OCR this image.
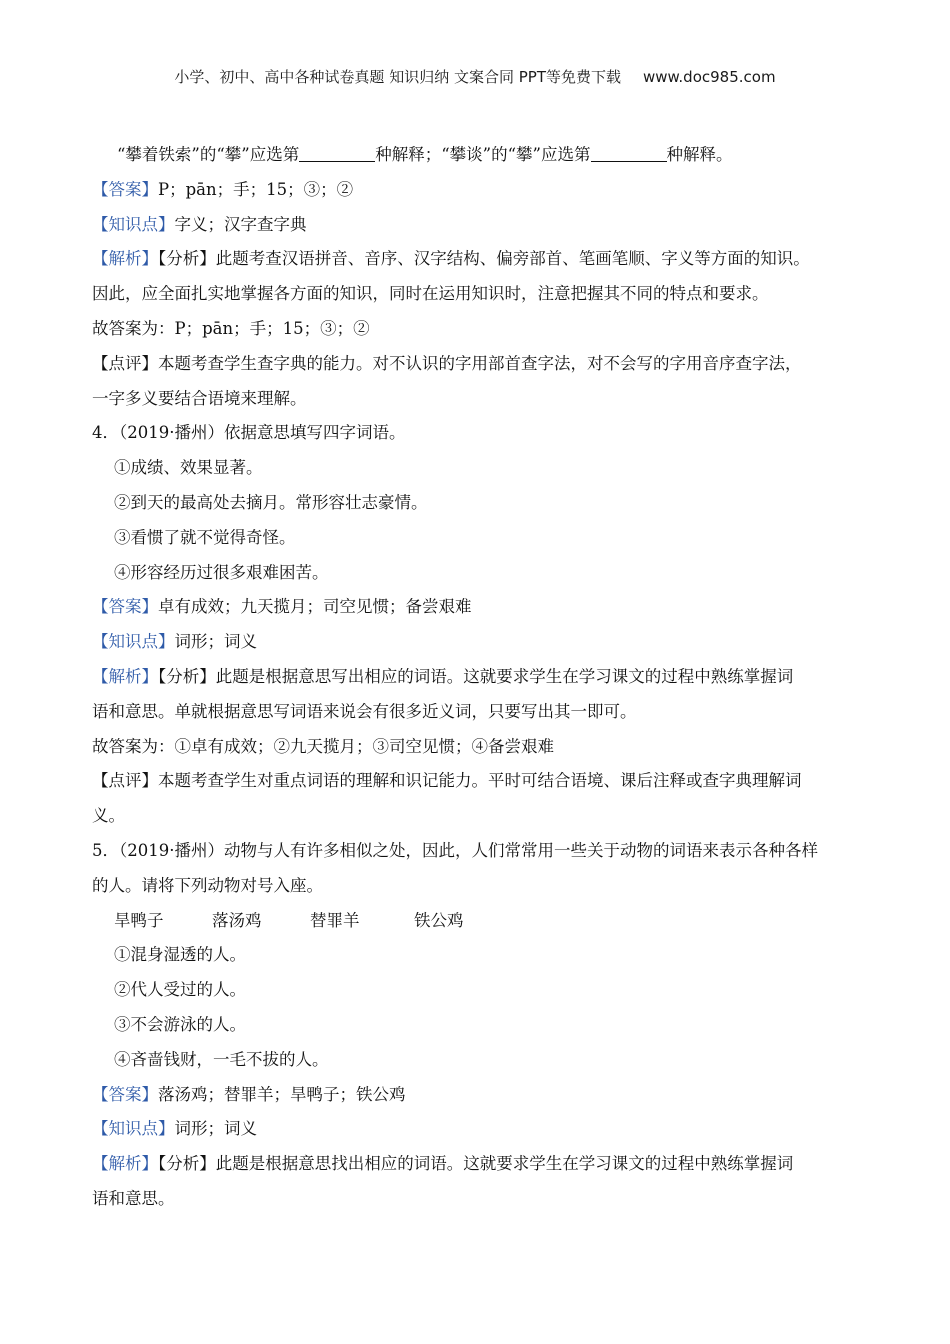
小学、初中、高中各种试卷真题 知识归纳 文案合同 PPT等免费下载 www.doc985.com
“攀着铁索”的“攀”应选第	种解释；“攀谈”的“攀”应选第	种解释。
【答案】P；pān；手；15；③；②
【知识点】字义；汉字查字典
【解析】【分析】此题考查汉语拼音、音序、汉字结构、偏旁部首、笔画笔顺、字义等方面的知识。
因此，应全面扎实地掌握各方面的知识，同时在运用知识时，注意把握其不同的特点和要求。
故答案为：P；pān；手；15；③；②
【点评】本题考查学生查字典的能力。对不认识的字用部首查字法，对不会写的字用音序查字法，
一字多义要结合语境来理解。
4．（2019·播州）依据意思填写四字词语。
①成绩、效果显著。
②到天的最高处去摘月。常形容壮志豪情。
③看惯了就不觉得奇怪。
④形容经历过很多艰难困苦。
【答案】卓有成效；九天揽月；司空见惯；备尝艰难
【知识点】词形；词义
【解析】【分析】此题是根据意思写出相应的词语。这就要求学生在学习课文的过程中熟练掌握词
语和意思。单就根据意思写词语来说会有很多近义词，只要写出其一即可。
故答案为：①卓有成效；②九天揽月；③司空见惯；④备尝艰难
【点评】本题考查学生对重点词语的理解和识记能力。平时可结合语境、课后注释或查字典理解词
义。
5．（2019·播州）动物与人有许多相似之处，因此，人们常常用一些关于动物的词语来表示各种各样
的人。请将下列动物对号入座。
旱鸭子	落汤鸡	替罪羊	铁公鸡
①混身湿透的人。
②代人受过的人。
③不会游泳的人。
④吝啬钱财，一毛不拔的人。
【答案】落汤鸡；替罪羊；旱鸭子；铁公鸡
【知识点】词形；词义
【解析】【分析】此题是根据意思找出相应的词语。这就要求学生在学习课文的过程中熟练掌握词
语和意思。
